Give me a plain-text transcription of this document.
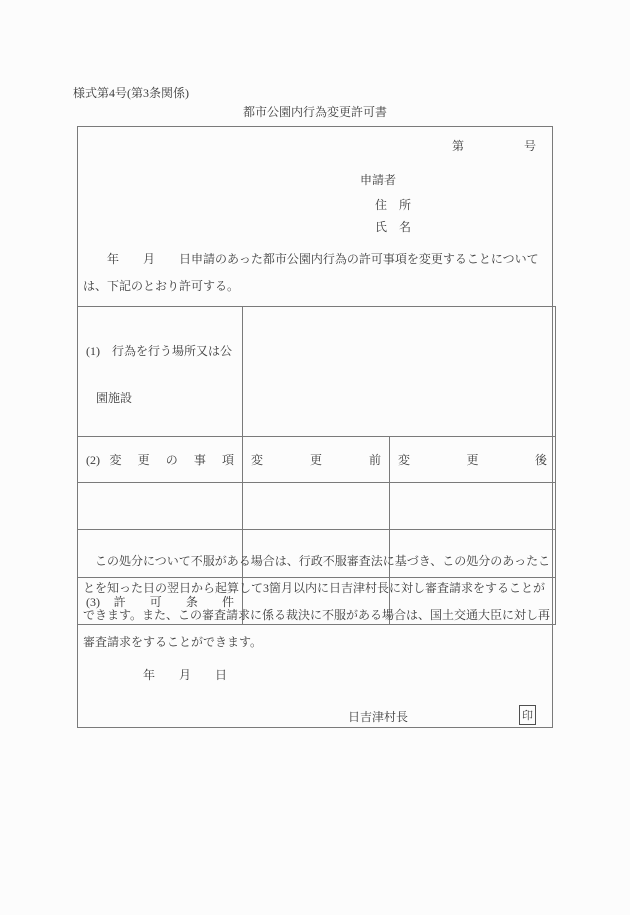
様式第4号(第3条関係)
都市公園内行為変更許可書
第　　　　　号
申請者
住　所
氏　名
　　年　　月　　日申請のあった都市公園内行為の許可事項を変更することについて
は、下記のとおり許可する。

(1)　行為を行う場所又は公

園施設		

(2) 変 更 の 事 項	変 更 前	変 更 後

(3) 許 可 条 件		
　この処分について不服がある場合は、行政不服審査法に基づき、この処分のあったこ
とを知った日の翌日から起算して3箇月以内に日吉津村長に対し審査請求をすることが
できます。また、この審査請求に係る裁決に不服がある場合は、国土交通大臣に対し再
審査請求をすることができます。
年　　月　　日
日吉津村長	印
